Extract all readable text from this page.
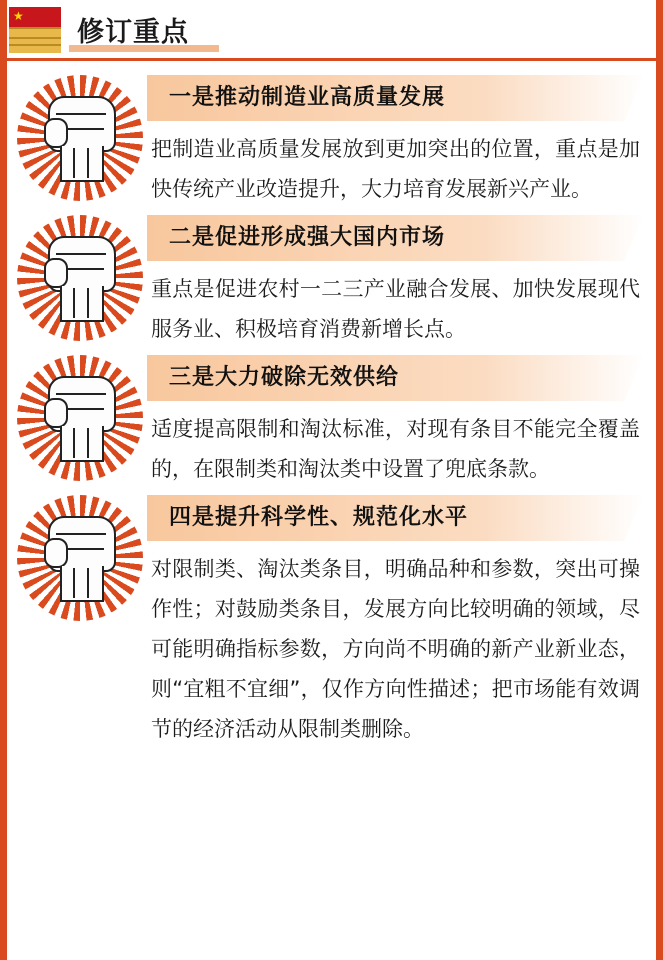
★
修订重点
一是推动制造业高质量发展
把制造业高质量发展放到更加突出的位置，重点是加快传统产业改造提升，大力培育发展新兴产业。
二是促进形成强大国内市场
重点是促进农村一二三产业融合发展、加快发展现代服务业、积极培育消费新增长点。
三是大力破除无效供给
适度提高限制和淘汰标准，对现有条目不能完全覆盖的，在限制类和淘汰类中设置了兜底条款。
四是提升科学性、规范化水平
对限制类、淘汰类条目，明确品种和参数，突出可操作性；对鼓励类条目，发展方向比较明确的领域，尽可能明确指标参数，方向尚不明确的新产业新业态，则“宜粗不宜细”，仅作方向性描述；把市场能有效调节的经济活动从限制类删除。
